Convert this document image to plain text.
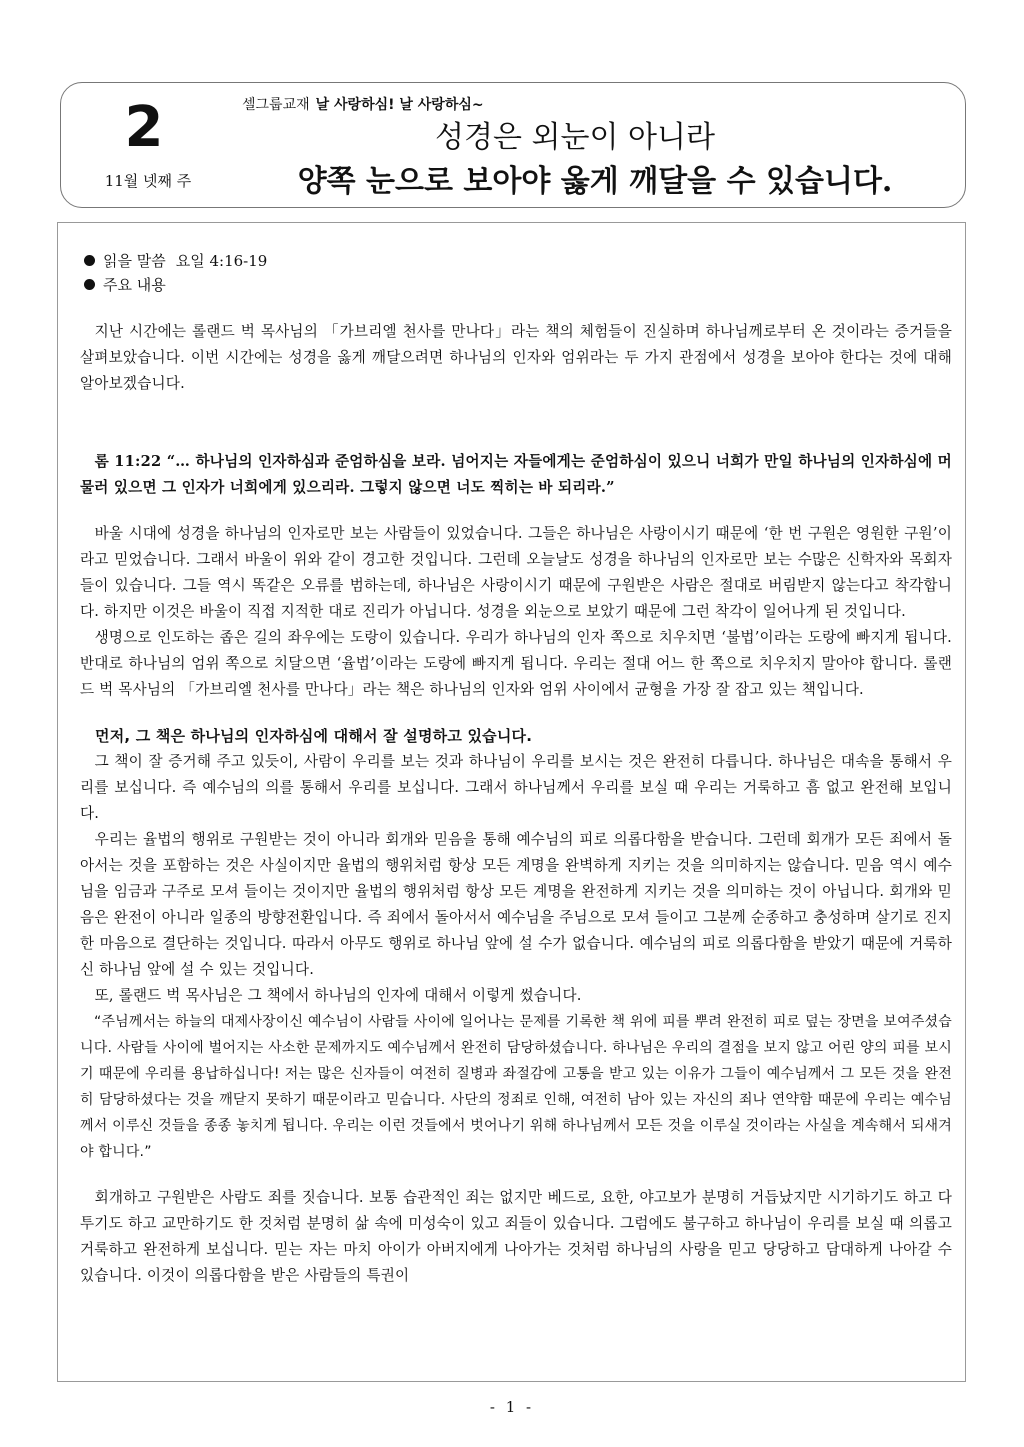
2
11월 넷째 주
셀그룹교재 날 사랑하심! 날 사랑하심~
성경은 외눈이 아니라
양쪽 눈으로 보아야 옳게 깨달을 수 있습니다.
읽을 말씀 요일 4:16-19
주요 내용

지난 시간에는 롤랜드 벅 목사님의 「가브리엘 천사를 만나다」라는 책의 체험들이 진실하며 하나님께로부터 온 것이라는 증거들을 살펴보았습니다. 이번 시간에는 성경을 옳게 깨달으려면 하나님의 인자와 엄위라는 두 가지 관점에서 성경을 보아야 한다는 것에 대해 알아보겠습니다.

롬 11:22 “… 하나님의 인자하심과 준엄하심을 보라. 넘어지는 자들에게는 준엄하심이 있으니 너희가 만일 하나님의 인자하심에 머물러 있으면 그 인자가 너희에게 있으리라. 그렇지 않으면 너도 찍히는 바 되리라.”

바울 시대에 성경을 하나님의 인자로만 보는 사람들이 있었습니다. 그들은 하나님은 사랑이시기 때문에 ‘한 번 구원은 영원한 구원’이라고 믿었습니다. 그래서 바울이 위와 같이 경고한 것입니다. 그런데 오늘날도 성경을 하나님의 인자로만 보는 수많은 신학자와 목회자들이 있습니다. 그들 역시 똑같은 오류를 범하는데, 하나님은 사랑이시기 때문에 구원받은 사람은 절대로 버림받지 않는다고 착각합니다. 하지만 이것은 바울이 직접 지적한 대로 진리가 아닙니다. 성경을 외눈으로 보았기 때문에 그런 착각이 일어나게 된 것입니다.

생명으로 인도하는 좁은 길의 좌우에는 도랑이 있습니다. 우리가 하나님의 인자 쪽으로 치우치면 ‘불법’이라는 도랑에 빠지게 됩니다. 반대로 하나님의 엄위 쪽으로 치달으면 ‘율법’이라는 도랑에 빠지게 됩니다. 우리는 절대 어느 한 쪽으로 치우치지 말아야 합니다. 롤랜드 벅 목사님의 「가브리엘 천사를 만나다」라는 책은 하나님의 인자와 엄위 사이에서 균형을 가장 잘 잡고 있는 책입니다.

먼저, 그 책은 하나님의 인자하심에 대해서 잘 설명하고 있습니다.

그 책이 잘 증거해 주고 있듯이, 사람이 우리를 보는 것과 하나님이 우리를 보시는 것은 완전히 다릅니다. 하나님은 대속을 통해서 우리를 보십니다. 즉 예수님의 의를 통해서 우리를 보십니다. 그래서 하나님께서 우리를 보실 때 우리는 거룩하고 흠 없고 완전해 보입니다.

우리는 율법의 행위로 구원받는 것이 아니라 회개와 믿음을 통해 예수님의 피로 의롭다함을 받습니다. 그런데 회개가 모든 죄에서 돌아서는 것을 포함하는 것은 사실이지만 율법의 행위처럼 항상 모든 계명을 완벽하게 지키는 것을 의미하지는 않습니다. 믿음 역시 예수님을 임금과 구주로 모셔 들이는 것이지만 율법의 행위처럼 항상 모든 계명을 완전하게 지키는 것을 의미하는 것이 아닙니다. 회개와 믿음은 완전이 아니라 일종의 방향전환입니다. 즉 죄에서 돌아서서 예수님을 주님으로 모셔 들이고 그분께 순종하고 충성하며 살기로 진지한 마음으로 결단하는 것입니다. 따라서 아무도 행위로 하나님 앞에 설 수가 없습니다. 예수님의 피로 의롭다함을 받았기 때문에 거룩하신 하나님 앞에 설 수 있는 것입니다.

또, 롤랜드 벅 목사님은 그 책에서 하나님의 인자에 대해서 이렇게 썼습니다.

“주님께서는 하늘의 대제사장이신 예수님이 사람들 사이에 일어나는 문제를 기록한 책 위에 피를 뿌려 완전히 피로 덮는 장면을 보여주셨습니다. 사람들 사이에 벌어지는 사소한 문제까지도 예수님께서 완전히 담당하셨습니다. 하나님은 우리의 결점을 보지 않고 어린 양의 피를 보시기 때문에 우리를 용납하십니다! 저는 많은 신자들이 여전히 질병과 좌절감에 고통을 받고 있는 이유가 그들이 예수님께서 그 모든 것을 완전히 담당하셨다는 것을 깨닫지 못하기 때문이라고 믿습니다. 사단의 정죄로 인해, 여전히 남아 있는 자신의 죄나 연약함 때문에 우리는 예수님께서 이루신 것들을 종종 놓치게 됩니다. 우리는 이런 것들에서 벗어나기 위해 하나님께서 모든 것을 이루실 것이라는 사실을 계속해서 되새겨야 합니다.”

회개하고 구원받은 사람도 죄를 짓습니다. 보통 습관적인 죄는 없지만 베드로, 요한, 야고보가 분명히 거듭났지만 시기하기도 하고 다투기도 하고 교만하기도 한 것처럼 분명히 삶 속에 미성숙이 있고 죄들이 있습니다. 그럼에도 불구하고 하나님이 우리를 보실 때 의롭고 거룩하고 완전하게 보십니다. 믿는 자는 마치 아이가 아버지에게 나아가는 것처럼 하나님의 사랑을 믿고 당당하고 담대하게 나아갈 수 있습니다. 이것이 의롭다함을 받은 사람들의 특권이

- 1 -
